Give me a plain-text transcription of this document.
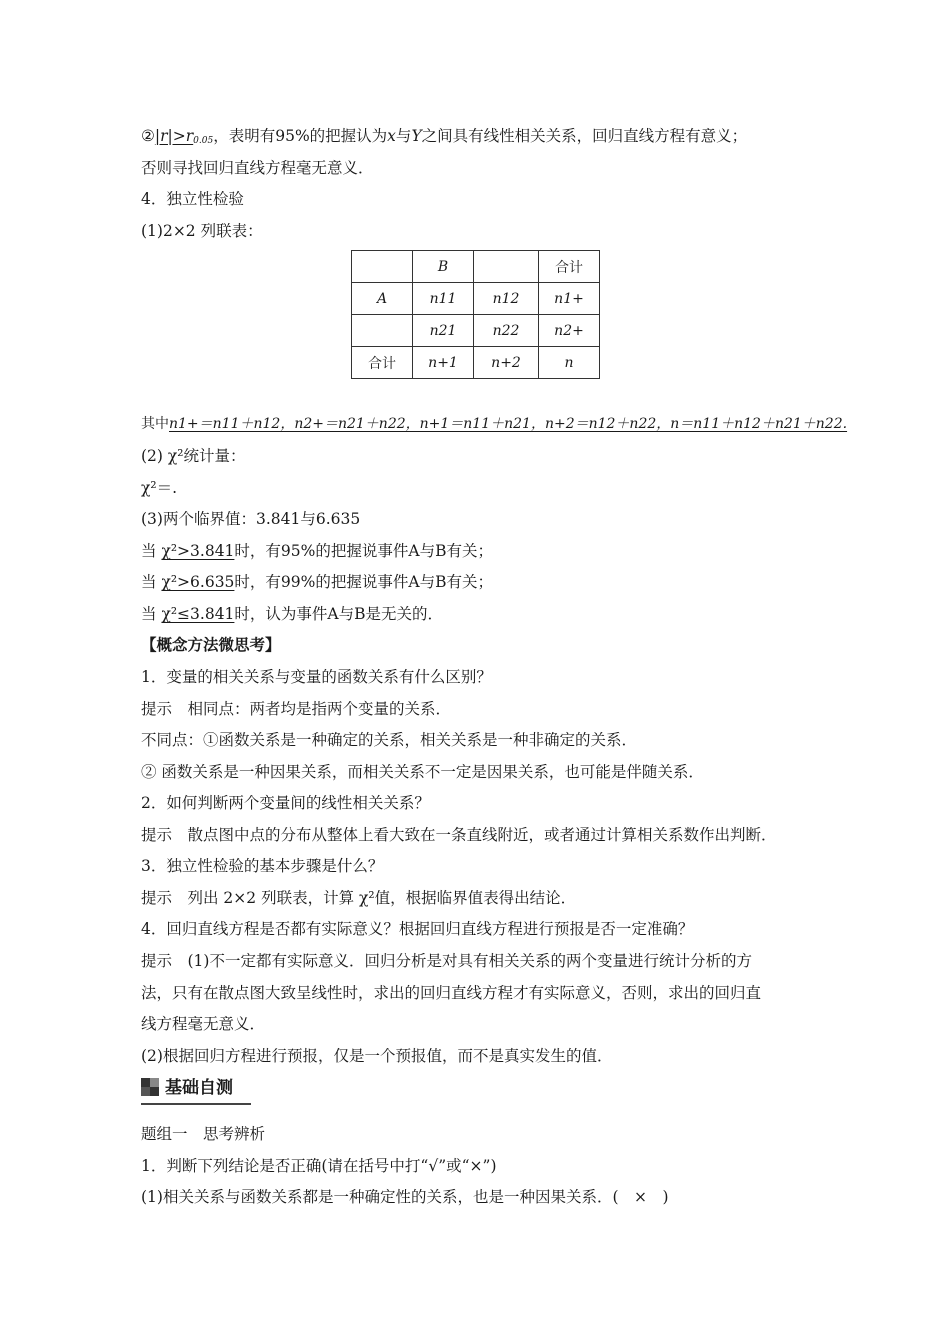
$②|r|>r_{0.05}$，表明有95%的把握认为x与Y之间具有线性相关关系，回归直线方程有意义；
否则寻找回归直线方程毫无意义．
4．独立性检验
(1)2×2 列联表：
	B		合计
A	n11	n12	n1+
	n21	n22	n2+
合计	n+1	n+2	n
其中n1+＝n11＋n12，n2+＝n21＋n22，n+1＝n11＋n21，n+2＝n12＋n22，n＝n11＋n12＋n21＋n22.
(2) χ²统计量：
χ²＝.
(3)两个临界值：3.841与6.635
当 χ²>3.841时，有95%的把握说事件A与B有关；
当 χ²>6.635时，有99%的把握说事件A与B有关；
当 χ²≤3.841时，认为事件A与B是无关的．
【概念方法微思考】
1．变量的相关关系与变量的函数关系有什么区别？
提示　相同点：两者均是指两个变量的关系．
不同点：①函数关系是一种确定的关系，相关关系是一种非确定的关系．
② 函数关系是一种因果关系，而相关关系不一定是因果关系，也可能是伴随关系．
2．如何判断两个变量间的线性相关关系？
提示　散点图中点的分布从整体上看大致在一条直线附近，或者通过计算相关系数作出判断．
3．独立性检验的基本步骤是什么？
提示　列出 2×2 列联表，计算 χ²值，根据临界值表得出结论．
4．回归直线方程是否都有实际意义？根据回归直线方程进行预报是否一定准确？
提示　(1)不一定都有实际意义．回归分析是对具有相关关系的两个变量进行统计分析的方
法，只有在散点图大致呈线性时，求出的回归直线方程才有实际意义，否则，求出的回归直
线方程毫无意义．
(2)根据回归方程进行预报，仅是一个预报值，而不是真实发生的值．
基础自测
题组一　思考辨析
1．判断下列结论是否正确(请在括号中打“√”或“×”)
(1)相关关系与函数关系都是一种确定性的关系，也是一种因果关系．(　×　)
